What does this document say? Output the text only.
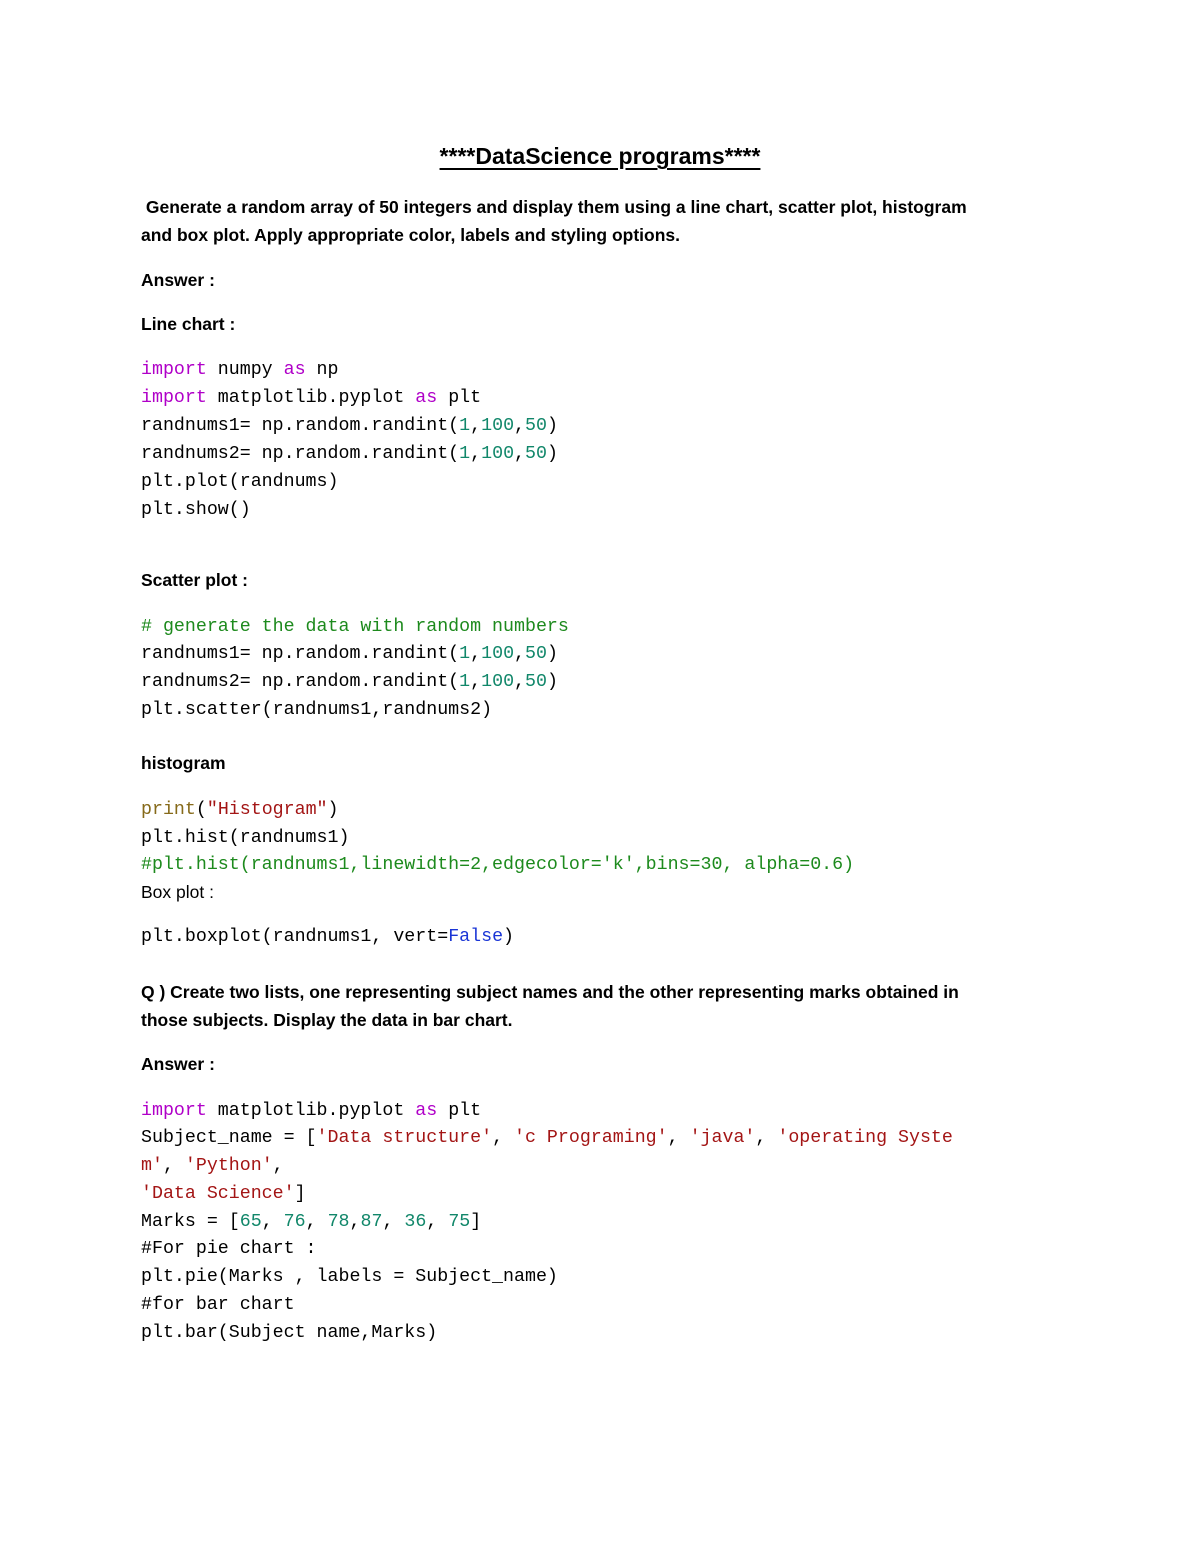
****DataScience programs****
Generate a random array of 50 integers and display them using a line chart, scatter plot, histogram
and box plot. Apply appropriate color, labels and styling options.
Answer :
Line chart :
import numpy as np
import matplotlib.pyplot as plt
randnums1= np.random.randint(1,100,50)
randnums2= np.random.randint(1,100,50)
plt.plot(randnums)
plt.show()
Scatter plot :
# generate the data with random numbers
randnums1= np.random.randint(1,100,50)
randnums2= np.random.randint(1,100,50)
plt.scatter(randnums1,randnums2)
histogram
print("Histogram")
plt.hist(randnums1)
#plt.hist(randnums1,linewidth=2,edgecolor='k',bins=30, alpha=0.6)
Box plot :
plt.boxplot(randnums1, vert=False)
Q ) Create two lists, one representing subject names and the other representing marks obtained in
those subjects. Display the data in bar chart.
Answer :
import matplotlib.pyplot as plt
Subject_name = ['Data structure', 'c Programing', 'java', 'operating Syste
m', 'Python',
'Data Science']
Marks = [65, 76, 78,87, 36, 75]
#For pie chart :
plt.pie(Marks , labels = Subject_name)
#for bar chart
plt.bar(Subject name,Marks)
